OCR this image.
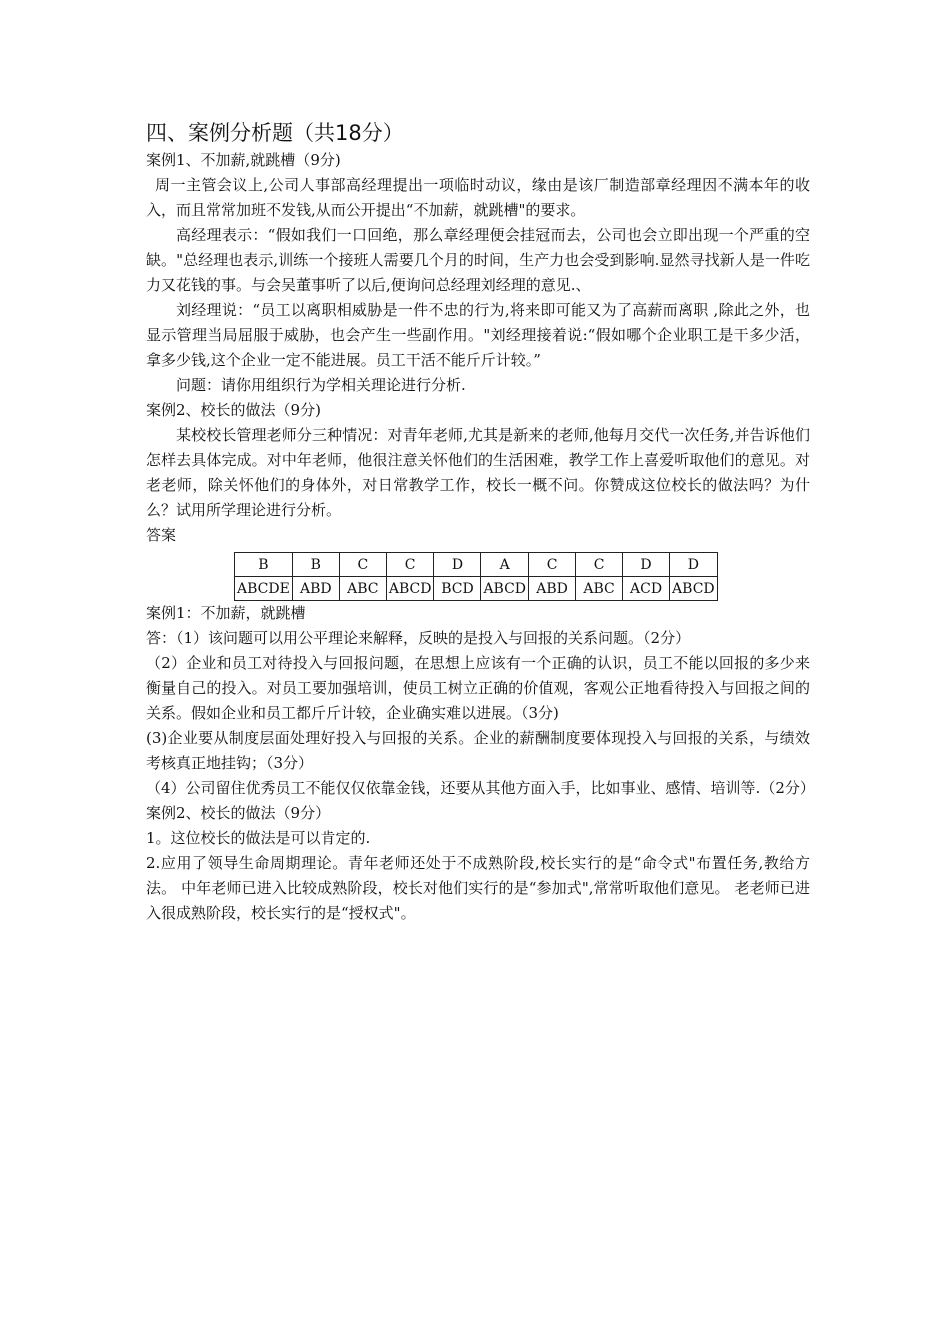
四、案例分析题（共18分）

案例1、不加薪,就跳槽（9分)

周一主管会议上,公司人事部高经理提出一项临时动议，缘由是该厂制造部章经理因不满本年的收入，而且常常加班不发钱,从而公开提出“不加薪，就跳槽"的要求。

高经理表示：“假如我们一口回绝，那么章经理便会挂冠而去，公司也会立即出现一个严重的空缺。"总经理也表示,训练一个接班人需要几个月的时间，生产力也会受到影响.显然寻找新人是一件吃力又花钱的事。与会吴董事听了以后,便询问总经理刘经理的意见.、

刘经理说：“员工以离职相威胁是一件不忠的行为,将来即可能又为了高薪而离职 ,除此之外，也显示管理当局屈服于威胁，也会产生一些副作用。"刘经理接着说:“假如哪个企业职工是干多少活，拿多少钱,这个企业一定不能进展。员工干活不能斤斤计较。”

问题：请你用组织行为学相关理论进行分析.

案例2、校长的做法（9分)

某校校长管理老师分三种情况：对青年老师,尤其是新来的老师,他每月交代一次任务,并告诉他们怎样去具体完成。对中年老师，他很注意关怀他们的生活困难，教学工作上喜爱听取他们的意见。对老老师，除关怀他们的身体外，对日常教学工作，校长一概不问。你赞成这位校长的做法吗？为什么？试用所学理论进行分析。

答案

B	B	C	C	D	A	C	C	D	D
ABCDE	ABD	ABC	ABCD	BCD	ABCD	ABD	ABC	ACD	ABCD

案例1：不加薪，就跳槽

答：（1）该问题可以用公平理论来解释，反映的是投入与回报的关系问题。（2分）

（2）企业和员工对待投入与回报问题，在思想上应该有一个正确的认识，员工不能以回报的多少来衡量自己的投入。对员工要加强培训，使员工树立正确的价值观，客观公正地看待投入与回报之间的关系。假如企业和员工都斤斤计较，企业确实难以进展。（3分)

(3)企业要从制度层面处理好投入与回报的关系。企业的薪酬制度要体现投入与回报的关系，与绩效考核真正地挂钩；（3分）

（4）公司留住优秀员工不能仅仅依靠金钱，还要从其他方面入手，比如事业、感情、培训等.（2分）

案例2、校长的做法（9分）

1。这位校长的做法是可以肯定的.

2.应用了领导生命周期理论。青年老师还处于不成熟阶段,校长实行的是“命令式"布置任务,教给方法。 中年老师已进入比较成熟阶段，校长对他们实行的是“参加式",常常听取他们意见。 老老师已进入很成熟阶段，校长实行的是“授权式"。
